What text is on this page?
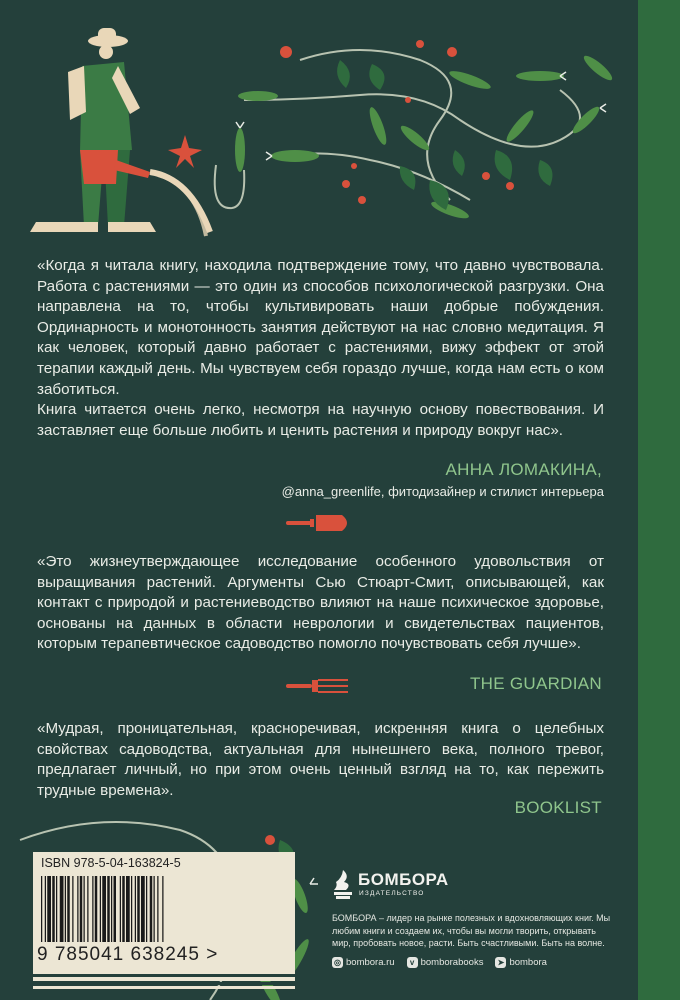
«Когда я читала книгу, находила подтверждение тому, что давно чувствовала. Работа с растениями — это один из способов психологической разгрузки. Она направлена на то, чтобы культивировать наши добрые побуждения. Ординарность и монотонность занятия действуют на нас словно медитация. Я как человек, который давно работает с растениями, вижу эффект от этой терапии каждый день. Мы чувствуем себя гораздо лучше, когда нам есть о ком заботиться.

Книга читается очень легко, несмотря на научную основу повествования. И заставляет еще больше любить и ценить растения и природу вокруг нас».

АННА ЛОМАКИНА,
@anna_greenlife, фитодизайнер и стилист интерьера

«Это жизнеутверждающее исследование особенного удовольствия от выращивания растений. Аргументы Сью Стюарт-Смит, описывающей, как контакт с природой и растениеводство влияют на наше психическое здоровье, основаны на данных в области неврологии и свидетельствах пациентов, которым терапевтическое садоводство помогло почувствовать себя лучше».

THE GUARDIAN

«Мудрая, проницательная, красноречивая, искренняя книга о целебных свойствах садоводства, актуальная для нынешнего века, полного тревог, предлагает личный, но при этом очень ценный взгляд на то, как пережить трудные времена».

BOOKLIST
ISBN 978-5-04-163824-5
9 785041 638245 >
БОМБОРА
ИЗДАТЕЛЬСТВО
БОМБОРА – лидер на рынке полезных и вдохновляющих книг. Мы любим книги и создаем их, чтобы вы могли творить, открывать мир, пробовать новое, расти. Быть счастливыми. Быть на волне.
◎ bombora.ru	v bomborabooks ➤ bombora
